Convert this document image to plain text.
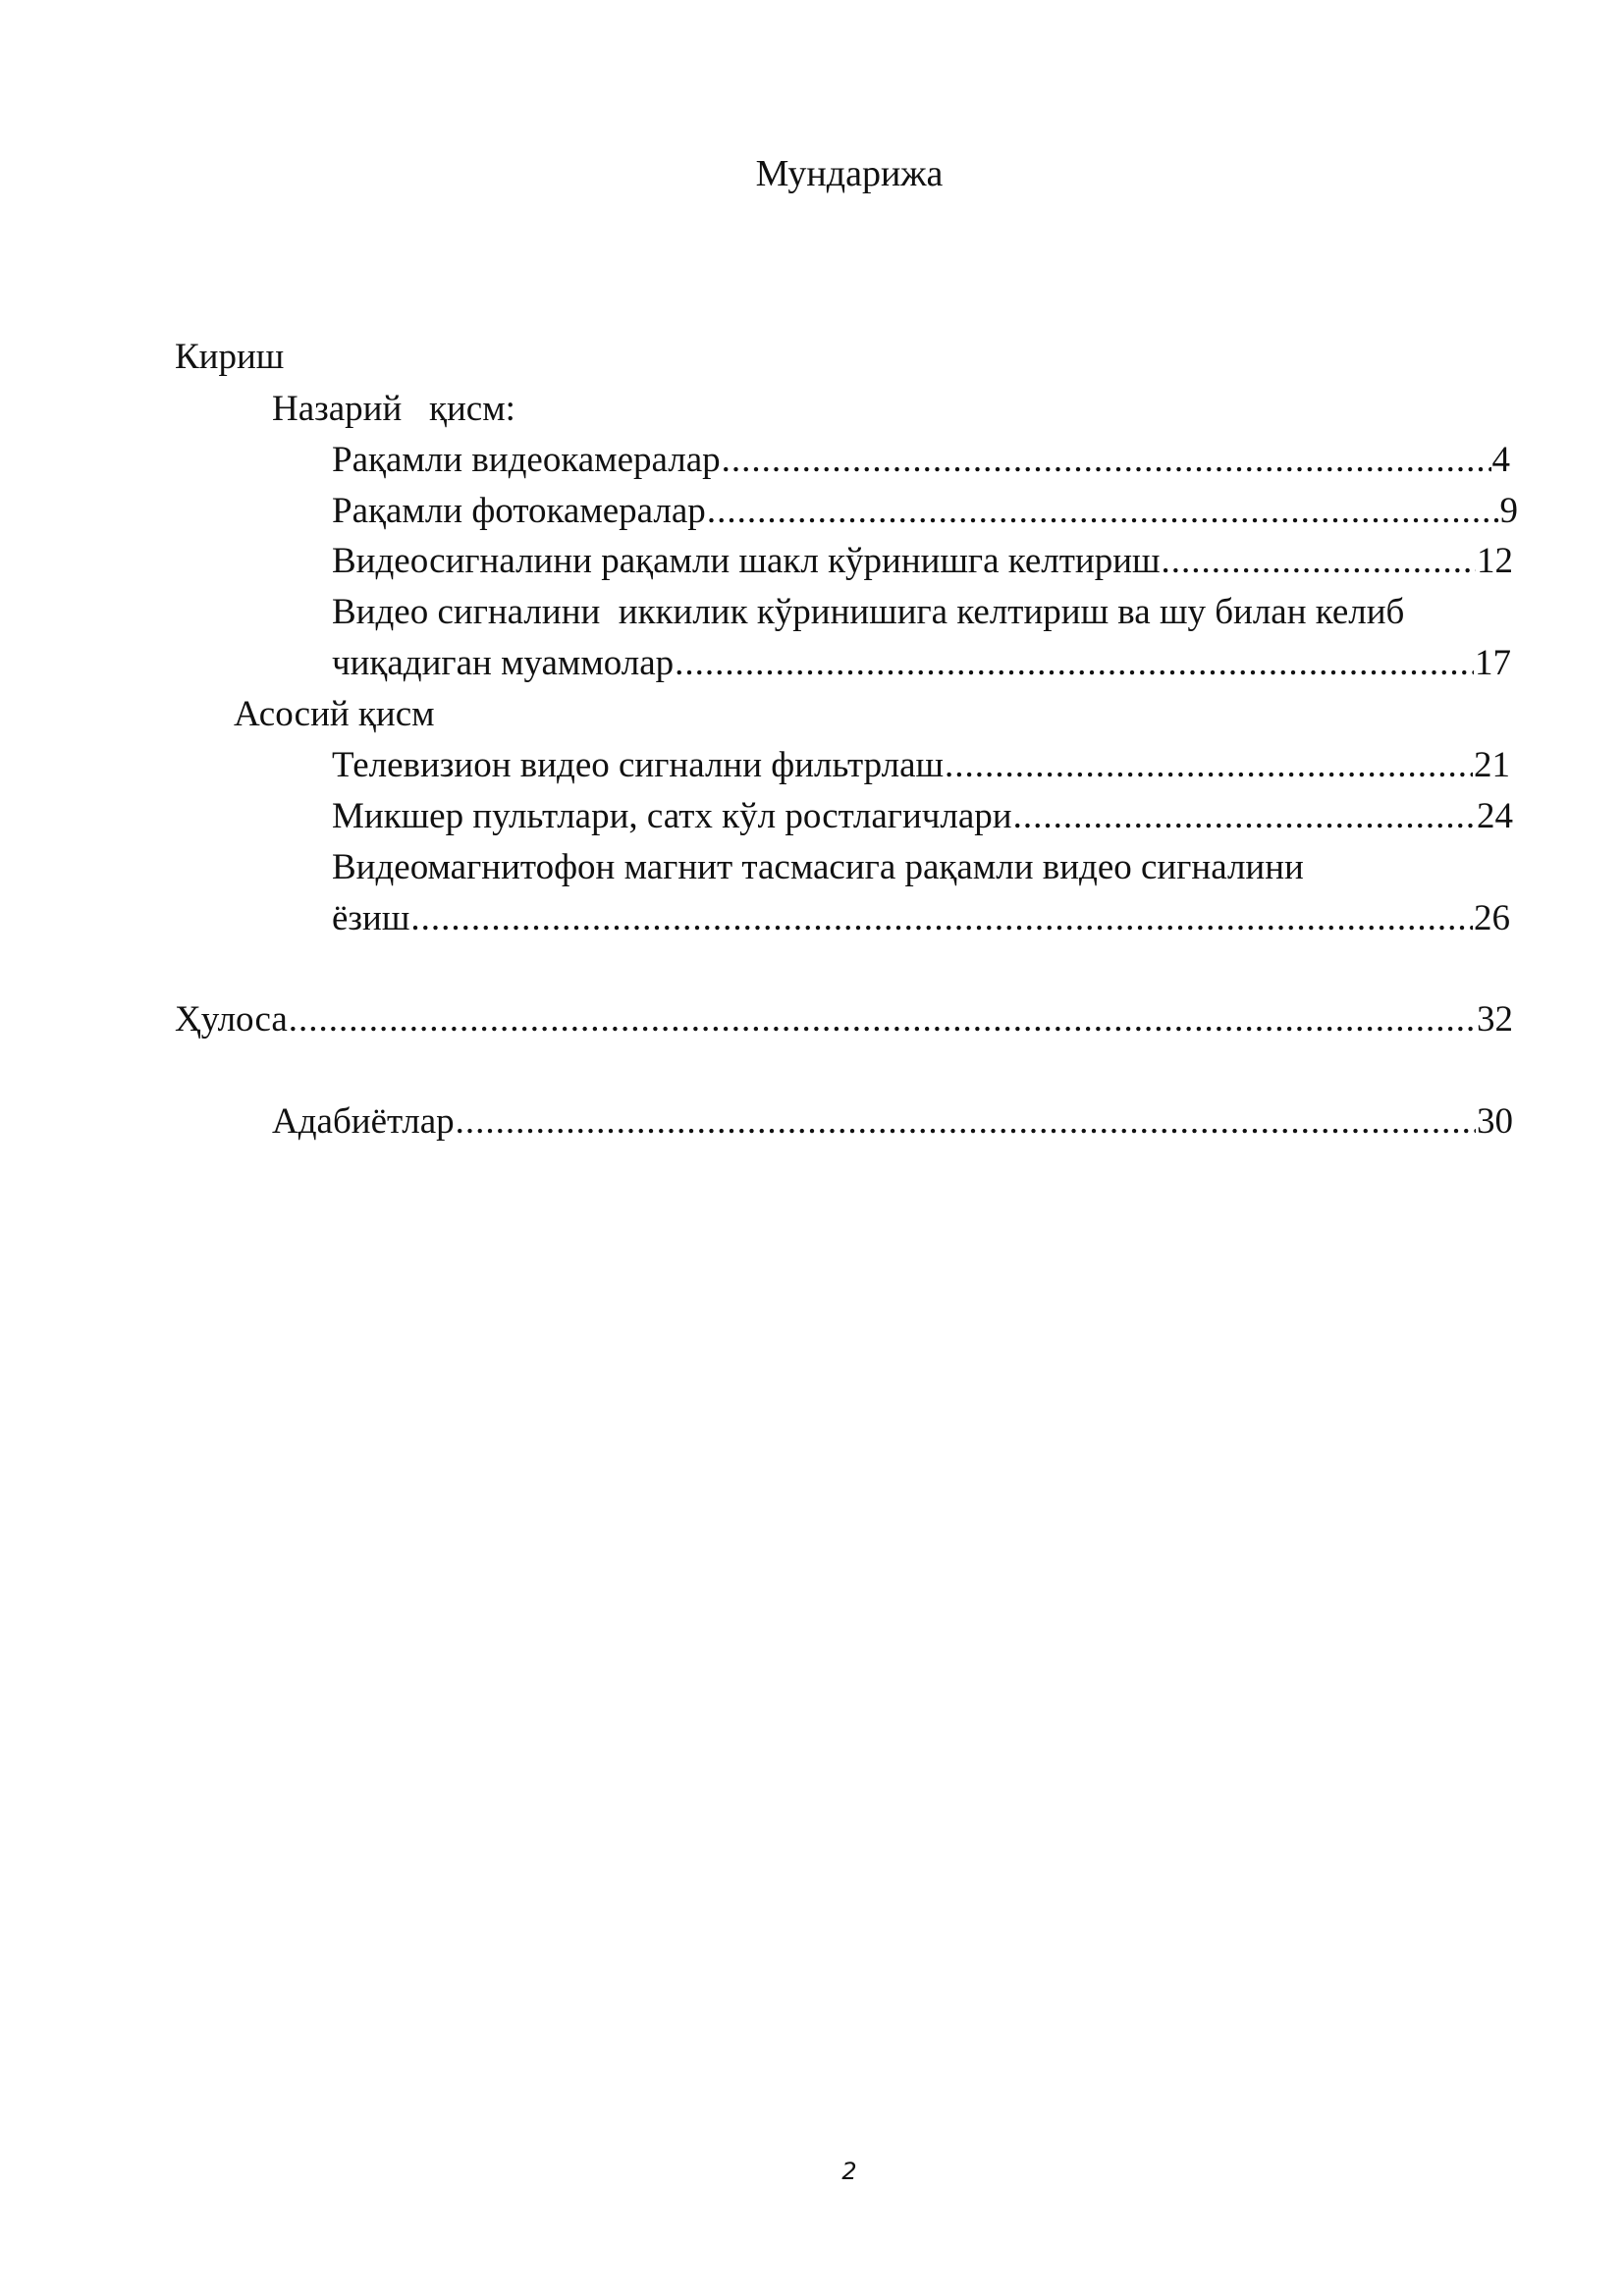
Мундарижа
Кириш
Назарий   қисм:
Рақамли видеокамералар .....	4
Рақамли фотокамералар .....	9
Видеосигналини рақамли шакл кўринишга келтириш .....	12
Видео сигналини  иккилик кўринишига келтириш ва шу билан келиб
чиқадиган муаммолар .....	17
Асосий қисм
Телевизион видео сигнални фильтрлаш .....	21
Микшер пультлари, сатх кўл ростлагичлари .....	24
Видеомагнитофон магнит тасмасига рақамли видео сигналини
ёзиш .....	26
Ҳулоса .....	32
Адабиётлар .....	30
2
